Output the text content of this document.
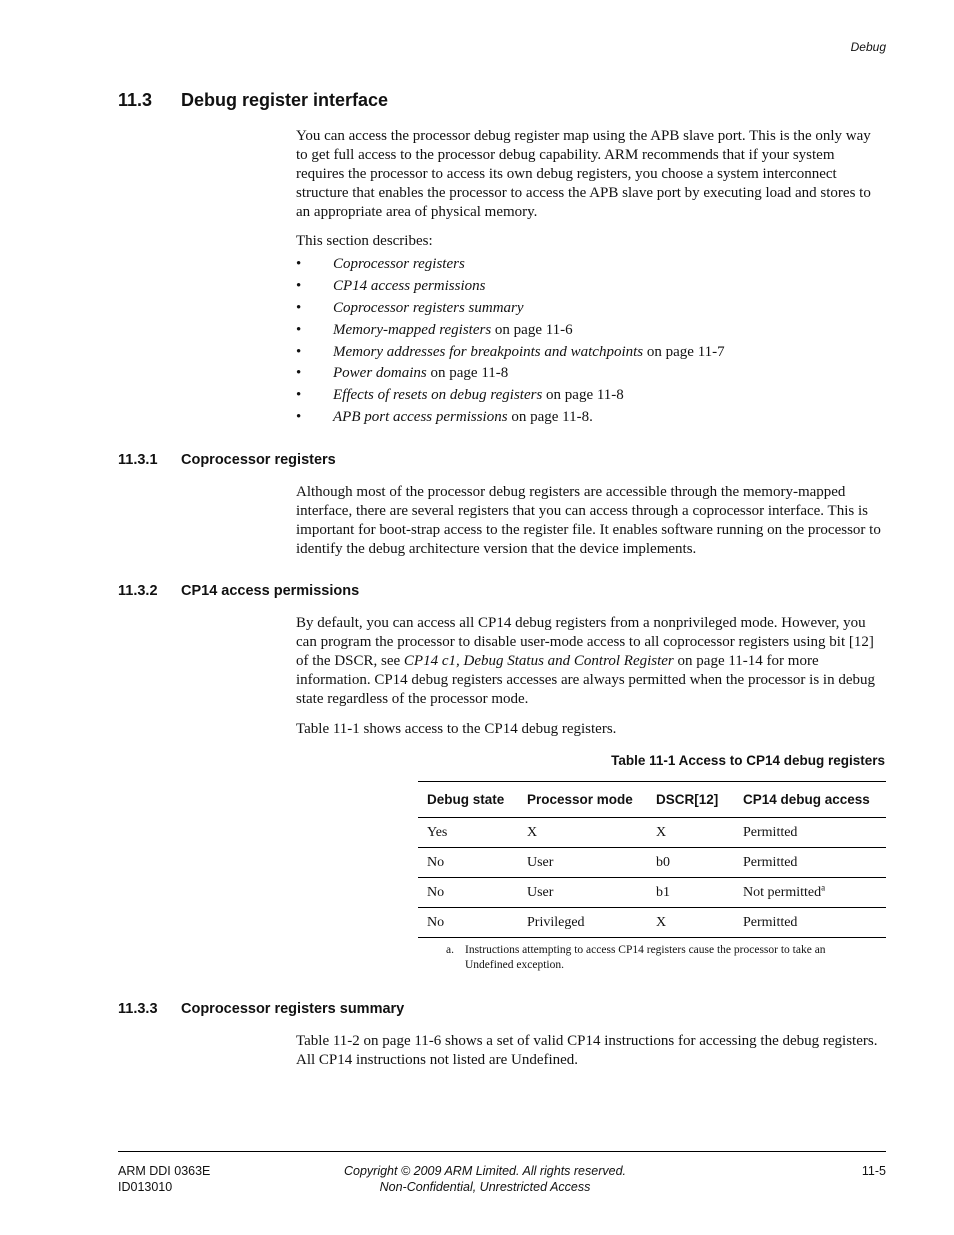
Debug
11.3 Debug register interface

You can access the processor debug register map using the APB slave port. This is the only way to get full access to the processor debug capability. ARM recommends that if your system requires the processor to access its own debug registers, you choose a system interconnect structure that enables the processor to access the APB slave port by executing load and stores to an appropriate area of physical memory.

This section describes:

• Coprocessor registers
• CP14 access permissions
• Coprocessor registers summary
• Memory-mapped registers on page 11-6
• Memory addresses for breakpoints and watchpoints on page 11-7
• Power domains on page 11-8
• Effects of resets on debug registers on page 11-8
• APB port access permissions on page 11-8.
11.3.1 Coprocessor registers

Although most of the processor debug registers are accessible through the memory-mapped interface, there are several registers that you can access through a coprocessor interface. This is important for boot-strap access to the register file. It enables software running on the processor to identify the debug architecture version that the device implements.

11.3.2 CP14 access permissions

By default, you can access all CP14 debug registers from a nonprivileged mode. However, you can program the processor to disable user-mode access to all coprocessor registers using bit [12] of the DSCR, see CP14 c1, Debug Status and Control Register on page 11-14 for more information. CP14 debug registers accesses are always permitted when the processor is in debug state regardless of the processor mode.

Table 11-1 shows access to the CP14 debug registers.

Table 11-1 Access to CP14 debug registers
Debug state	Processor mode	DSCR[12]	CP14 debug access
Yes	X	X	Permitted
No	User	b0	Permitted
No	User	b1	Not permitted$^a$
No	Privileged	X	Permitted
a. Instructions attempting to access CP14 registers cause the processor to take an Undefined exception.
11.3.3 Coprocessor registers summary

Table 11-2 on page 11-6 shows a set of valid CP14 instructions for accessing the debug registers. All CP14 instructions not listed are Undefined.

ARM DDI 0363E
ID013010
Copyright © 2009 ARM Limited. All rights reserved.
Non-Confidential, Unrestricted Access
11-5
